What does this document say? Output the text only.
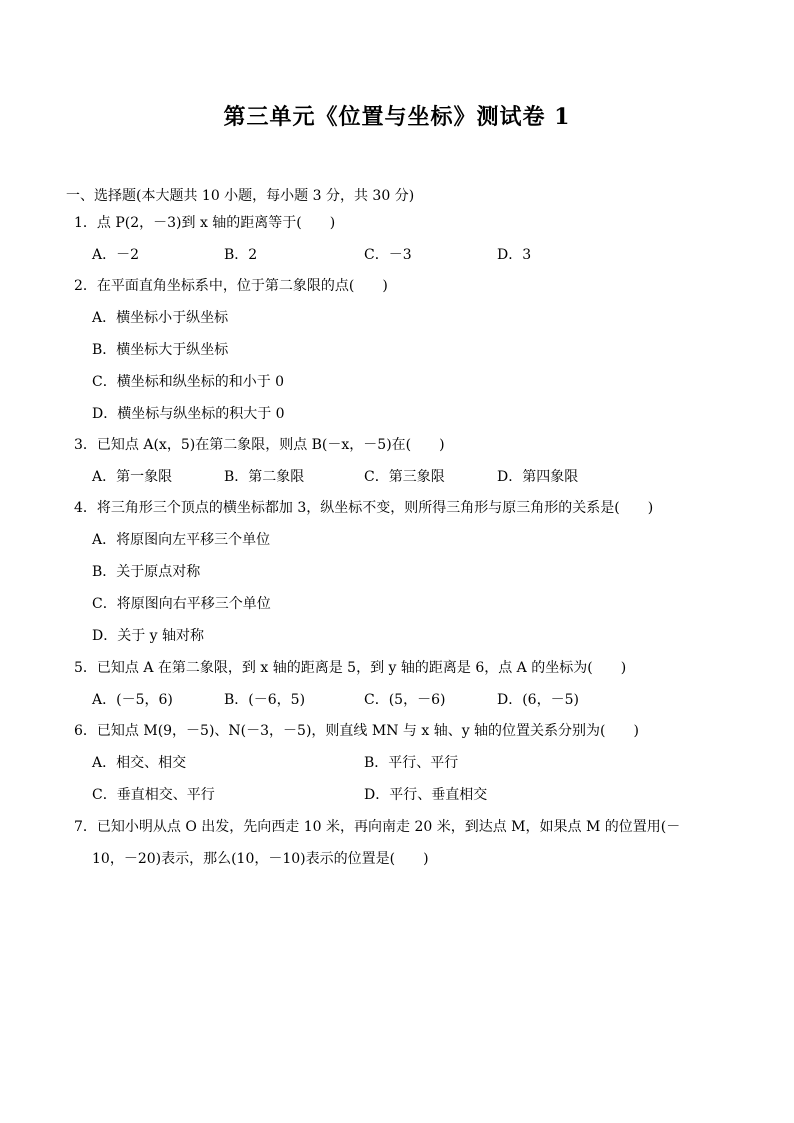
第三单元《位置与坐标》测试卷 1
一、选择题(本大题共 10 小题，每小题 3 分，共 30 分)
1．点 P(2，－3)到 x 轴的距离等于(　　)
A．－2	B．2	C．－3	D．3
2．在平面直角坐标系中，位于第二象限的点(　　)
A．横坐标小于纵坐标
B．横坐标大于纵坐标
C．横坐标和纵坐标的和小于 0
D．横坐标与纵坐标的积大于 0
3．已知点 A(x，5)在第二象限，则点 B(－x，－5)在(　　)
A．第一象限	B．第二象限	C．第三象限	D．第四象限
4．将三角形三个顶点的横坐标都加 3，纵坐标不变，则所得三角形与原三角形的关系是(　　)
A．将原图向左平移三个单位
B．关于原点对称
C．将原图向右平移三个单位
D．关于 y 轴对称
5．已知点 A 在第二象限，到 x 轴的距离是 5，到 y 轴的距离是 6，点 A 的坐标为(　　)
A．(－5，6)	B．(－6，5)	C．(5，－6)	D．(6，－5)
6．已知点 M(9，－5)、N(－3，－5)，则直线 MN 与 x 轴、y 轴的位置关系分别为(　　)
A．相交、相交	B．平行、平行
C．垂直相交、平行	D．平行、垂直相交
7．已知小明从点 O 出发，先向西走 10 米，再向南走 20 米，到达点 M，如果点 M 的位置用(－
10，－20)表示，那么(10，－10)表示的位置是(　　)
